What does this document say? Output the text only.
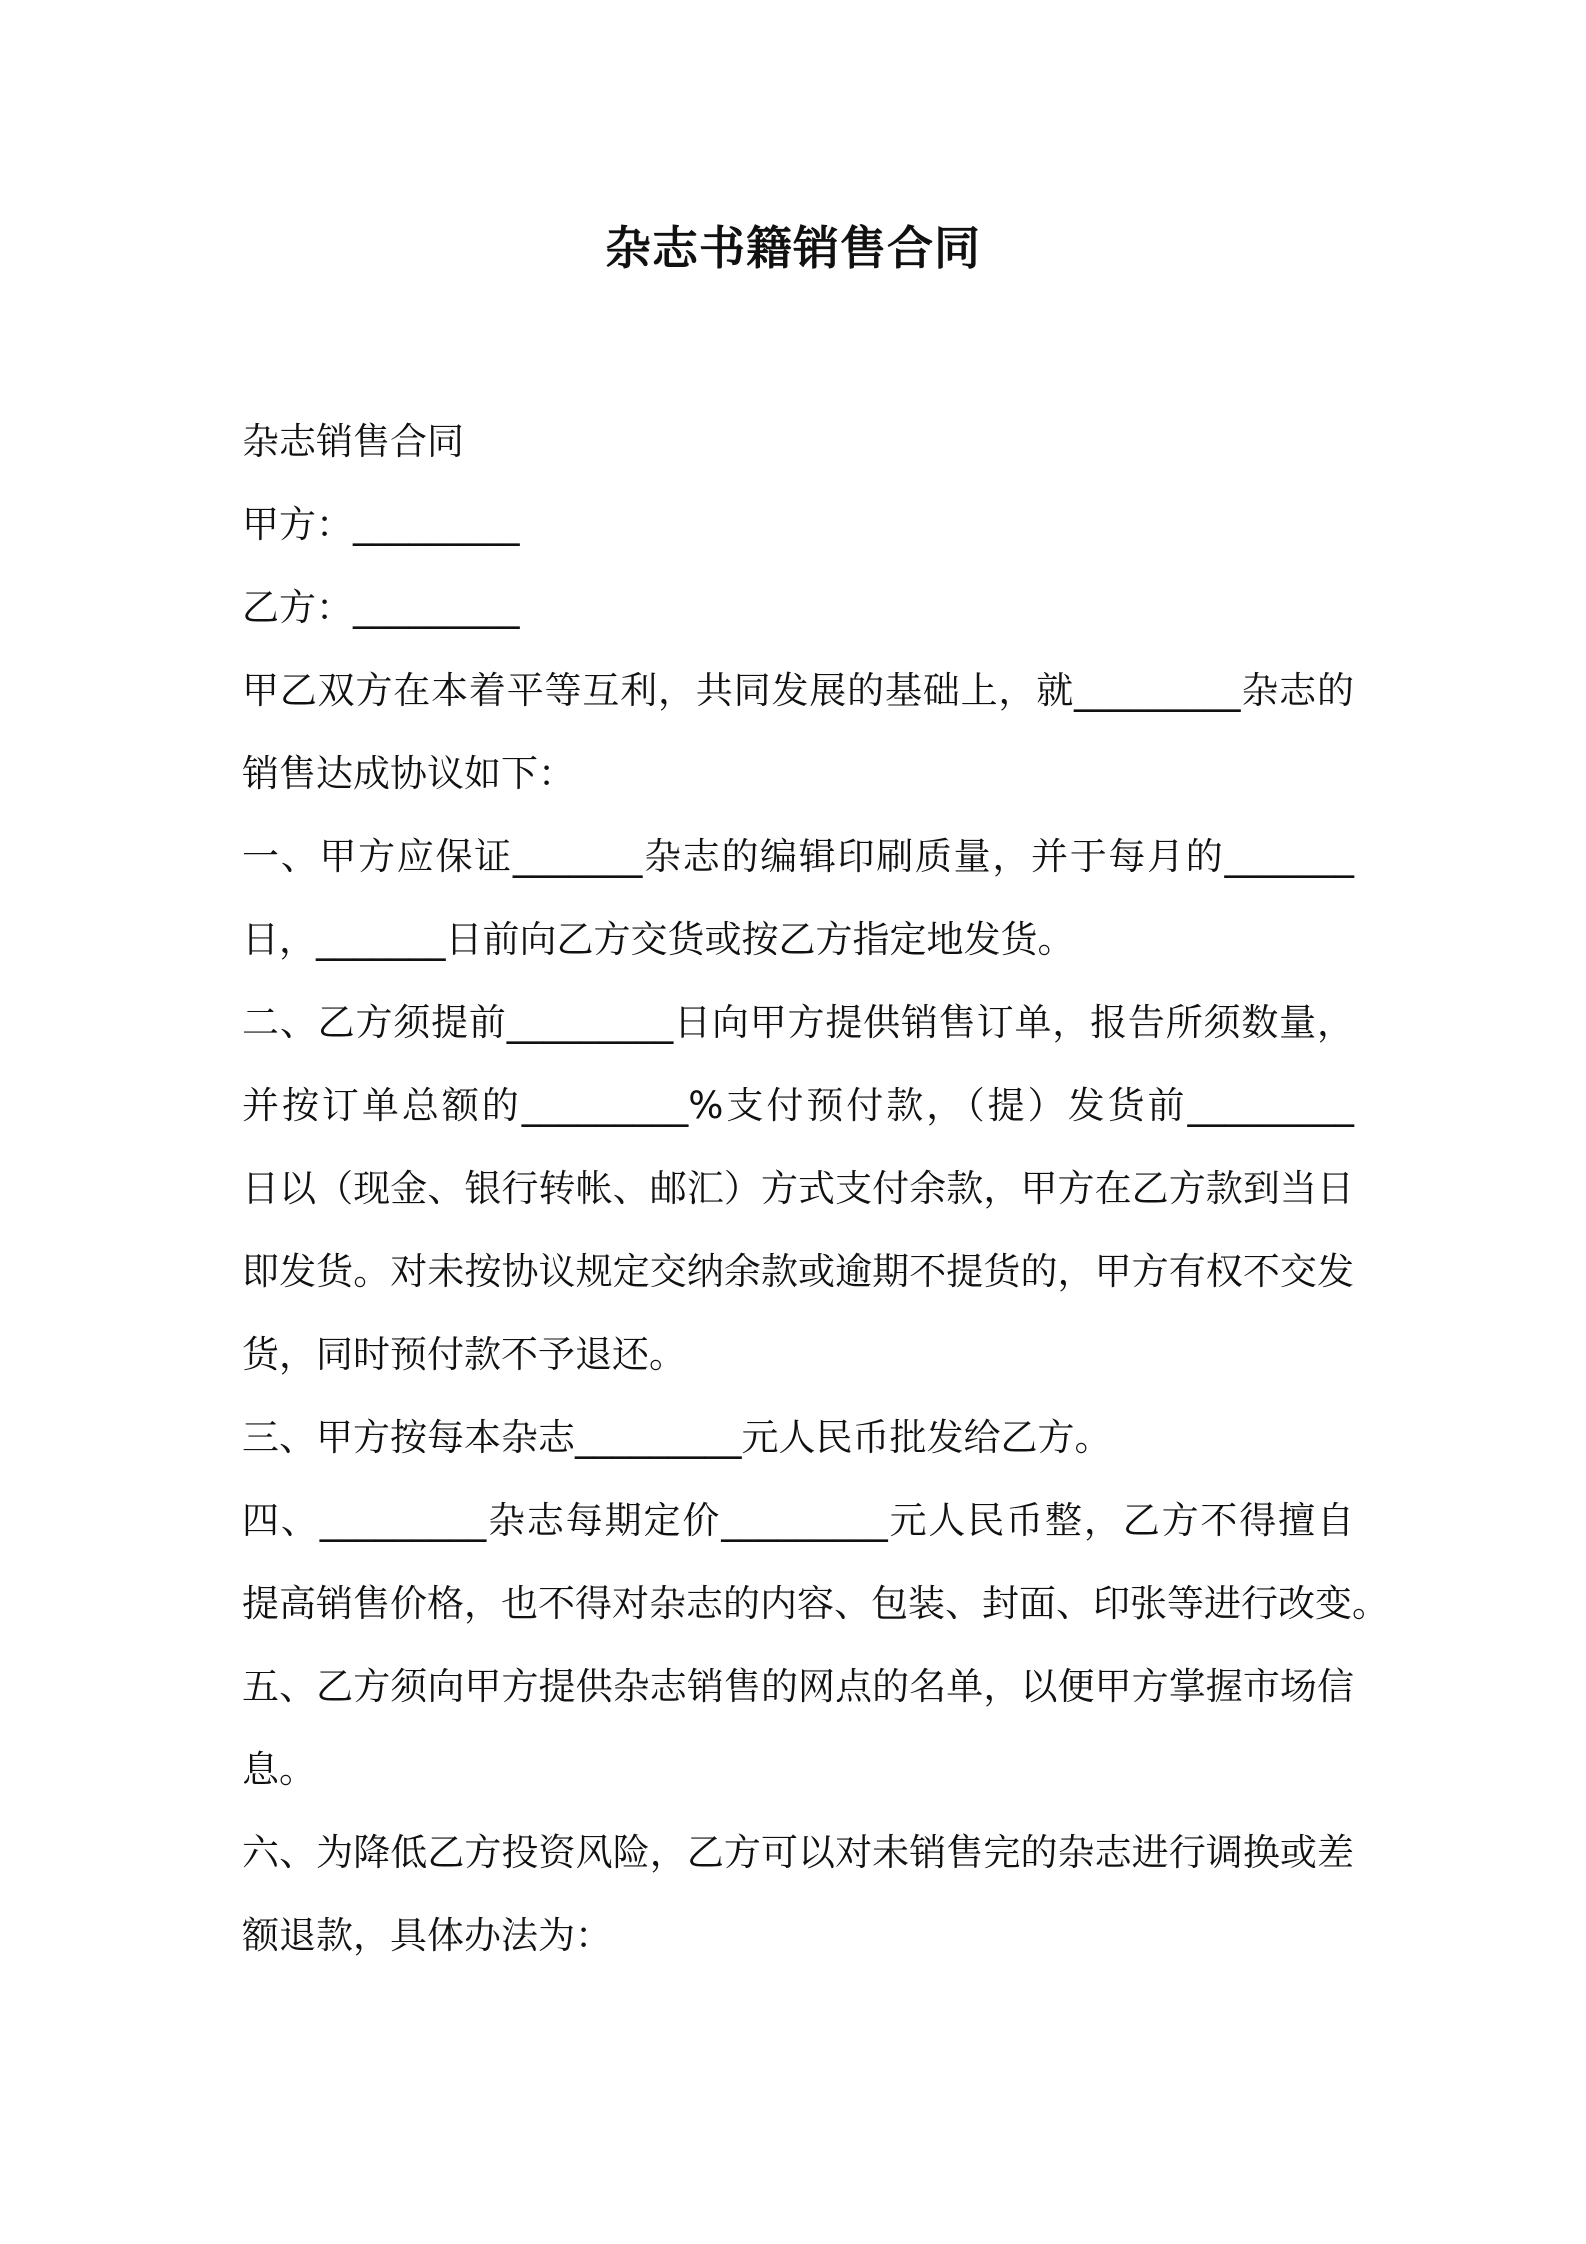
杂志书籍销售合同

杂志销售合同

甲方：_________

乙方：_________

甲乙双方在本着平等互利，共同发展的基础上，就_________杂志的

销售达成协议如下：

一、甲方应保证_______杂志的编辑印刷质量，并于每月的_______

日，_______日前向乙方交货或按乙方指定地发货。

二、乙方须提前_________日向甲方提供销售订单，报告所须数量，

并按订单总额的_________%支付预付款，（提）发货前_________

日以（现金、银行转帐、邮汇）方式支付余款，甲方在乙方款到当日

即发货。对未按协议规定交纳余款或逾期不提货的，甲方有权不交发

货，同时预付款不予退还。

三、甲方按每本杂志_________元人民币批发给乙方。

四、_________杂志每期定价_________元人民币整，乙方不得擅自

提高销售价格，也不得对杂志的内容、包装、封面、印张等进行改变。

五、乙方须向甲方提供杂志销售的网点的名单，以便甲方掌握市场信

息。

六、为降低乙方投资风险，乙方可以对未销售完的杂志进行调换或差

额退款，具体办法为：
